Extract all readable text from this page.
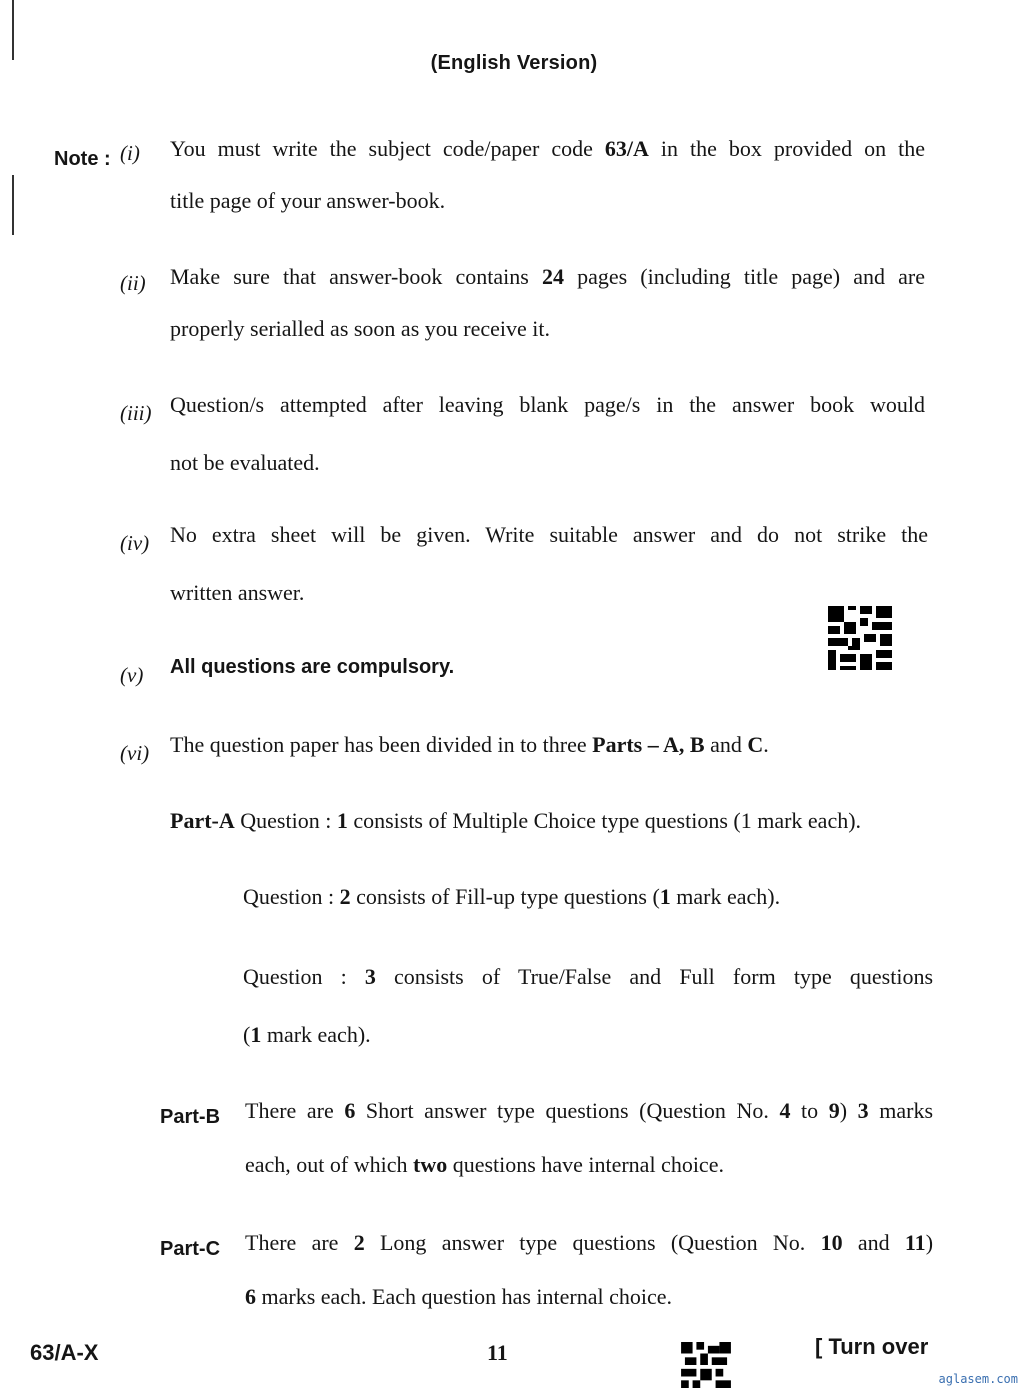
(English Version)
Note : (i) You must write the subject code/paper code 63/A in the box provided on the
title page of your answer-book.
(ii) Make sure that answer-book contains 24 pages (including title page) and are
properly serialled as soon as you receive it.
(iii) Question/s attempted after leaving blank page/s in the answer book would
not be evaluated.
(iv) No extra sheet will be given. Write suitable answer and do not strike the
written answer.
(v) All questions are compulsory.
(vi) The question paper has been divided in to three Parts – A, B and C.
Part-A Question : 1 consists of Multiple Choice type questions (1 mark each).
Question : 2 consists of Fill-up type questions (1 mark each).
Question : 3 consists of True/False and Full form type questions
(1 mark each).
Part-B There are 6 Short answer type questions (Question No. 4 to 9) 3 marks
each, out of which two questions have internal choice.
Part-C There are 2 Long answer type questions (Question No. 10 and 11)
6 marks each. Each question has internal choice.
63/A-X	11	[ Turn over
aglasem.com
